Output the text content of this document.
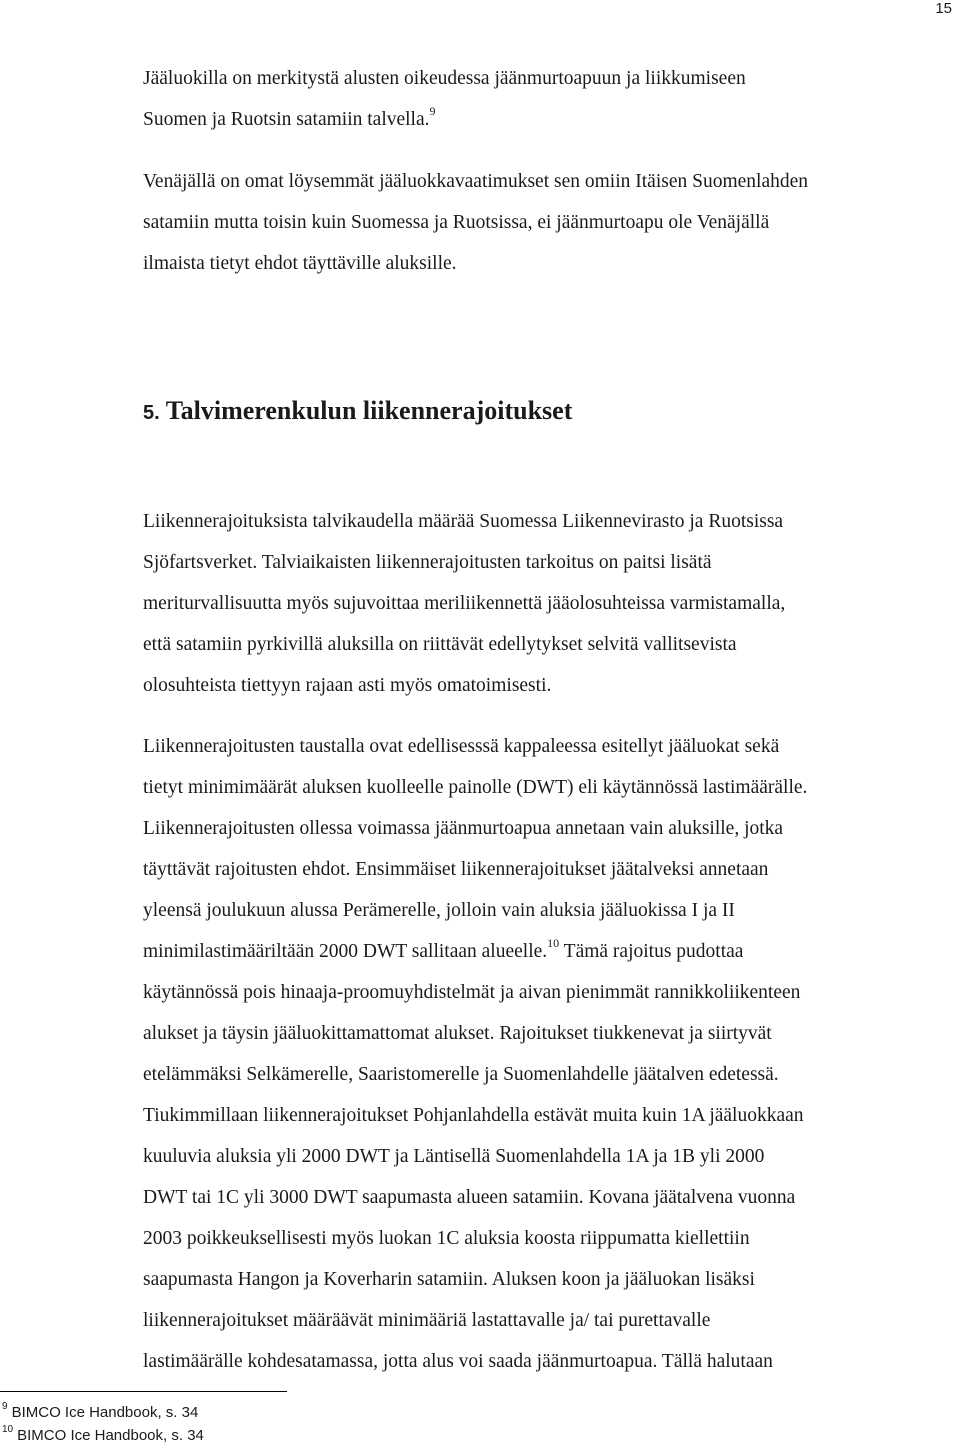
15
Jääluokilla on merkitystä alusten oikeudessa jäänmurtoapuun ja liikkumiseen
Suomen ja Ruotsin satamiin talvella.$^9$
Venäjällä on omat löysemmät jääluokkavaatimukset sen omiin Itäisen Suomenlahden
satamiin mutta toisin kuin Suomessa ja Ruotsissa, ei jäänmurtoapu ole Venäjällä
ilmaista tietyt ehdot täyttäville aluksille.
5. Talvimerenkulun liikennerajoitukset
Liikennerajoituksista talvikaudella määrää Suomessa Liikennevirasto ja Ruotsissa
Sjöfartsverket. Talviaikaisten liikennerajoitusten tarkoitus on paitsi lisätä
meriturvallisuutta myös sujuvoittaa meriliikennettä jääolosuhteissa varmistamalla,
että satamiin pyrkivillä aluksilla on riittävät edellytykset selvitä vallitsevista
olosuhteista tiettyyn rajaan asti myös omatoimisesti.
Liikennerajoitusten taustalla ovat edellisesssä kappaleessa esitellyt jääluokat sekä
tietyt minimimäärät aluksen kuolleelle painolle (DWT) eli käytännössä lastimäärälle.
Liikennerajoitusten ollessa voimassa jäänmurtoapua annetaan vain aluksille, jotka
täyttävät rajoitusten ehdot. Ensimmäiset liikennerajoitukset jäätalveksi annetaan
yleensä joulukuun alussa Perämerelle, jolloin vain aluksia jääluokissa I ja II
minimilastimääriltään 2000 DWT sallitaan alueelle.$^{10}$ Tämä rajoitus pudottaa
käytännössä pois hinaaja-proomuyhdistelmät ja aivan pienimmät rannikkoliikenteen
alukset ja täysin jääluokittamattomat alukset. Rajoitukset tiukkenevat ja siirtyvät
etelämmäksi Selkämerelle, Saaristomerelle ja Suomenlahdelle jäätalven edetessä.
Tiukimmillaan liikennerajoitukset Pohjanlahdella estävät muita kuin 1A jääluokkaan
kuuluvia aluksia yli 2000 DWT ja Läntisellä Suomenlahdella 1A ja 1B yli 2000
DWT tai 1C yli 3000 DWT saapumasta alueen satamiin. Kovana jäätalvena vuonna
2003 poikkeuksellisesti myös luokan 1C aluksia koosta riippumatta kiellettiin
saapumasta Hangon ja Koverharin satamiin. Aluksen koon ja jääluokan lisäksi
liikennerajoitukset määräävät minimääriä lastattavalle ja/ tai purettavalle
lastimäärälle kohdesatamassa, jotta alus voi saada jäänmurtoapua. Tällä halutaan
$^9$ BIMCO Ice Handbook, s. 34
$^{10}$ BIMCO Ice Handbook, s. 34
